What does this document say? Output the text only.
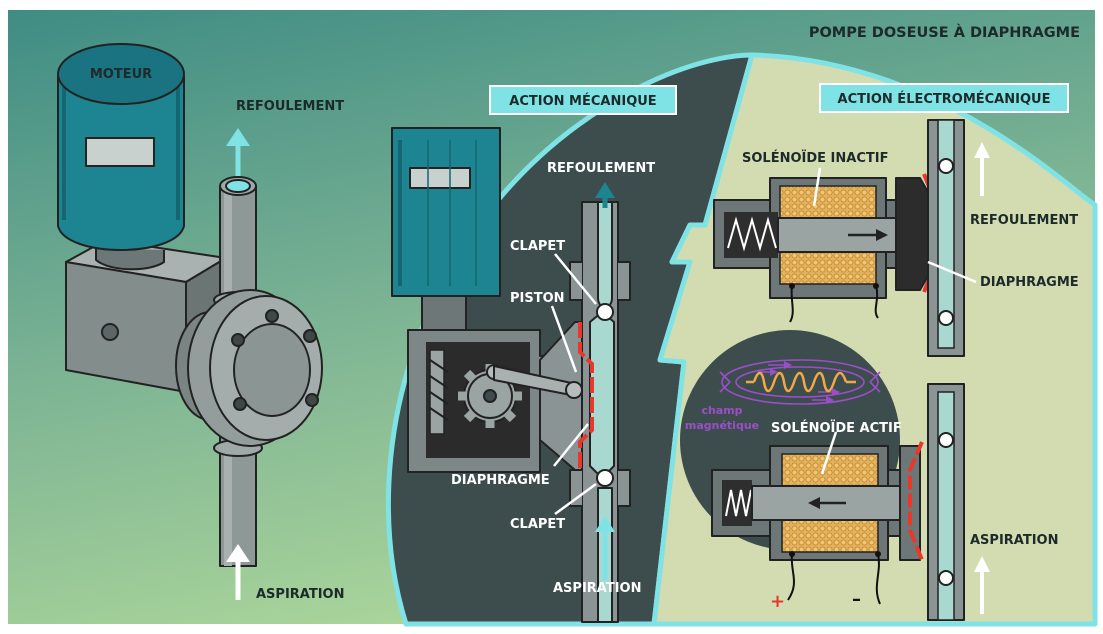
MOTEUR
REFOULEMENT
ASPIRATION
ACTION MÉCANIQUE
REFOULEMENT
CLAPET
PISTON
DIAPHRAGME
CLAPET
ASPIRATION
ACTION ÉLECTROMÉCANIQUE
champ
magnétique
+	–
SOLÉNOÏDE INACTIF
REFOULEMENT
DIAPHRAGME
SOLÉNOÏDE ACTIF
ASPIRATION
POMPE DOSEUSE À DIAPHRAGME
